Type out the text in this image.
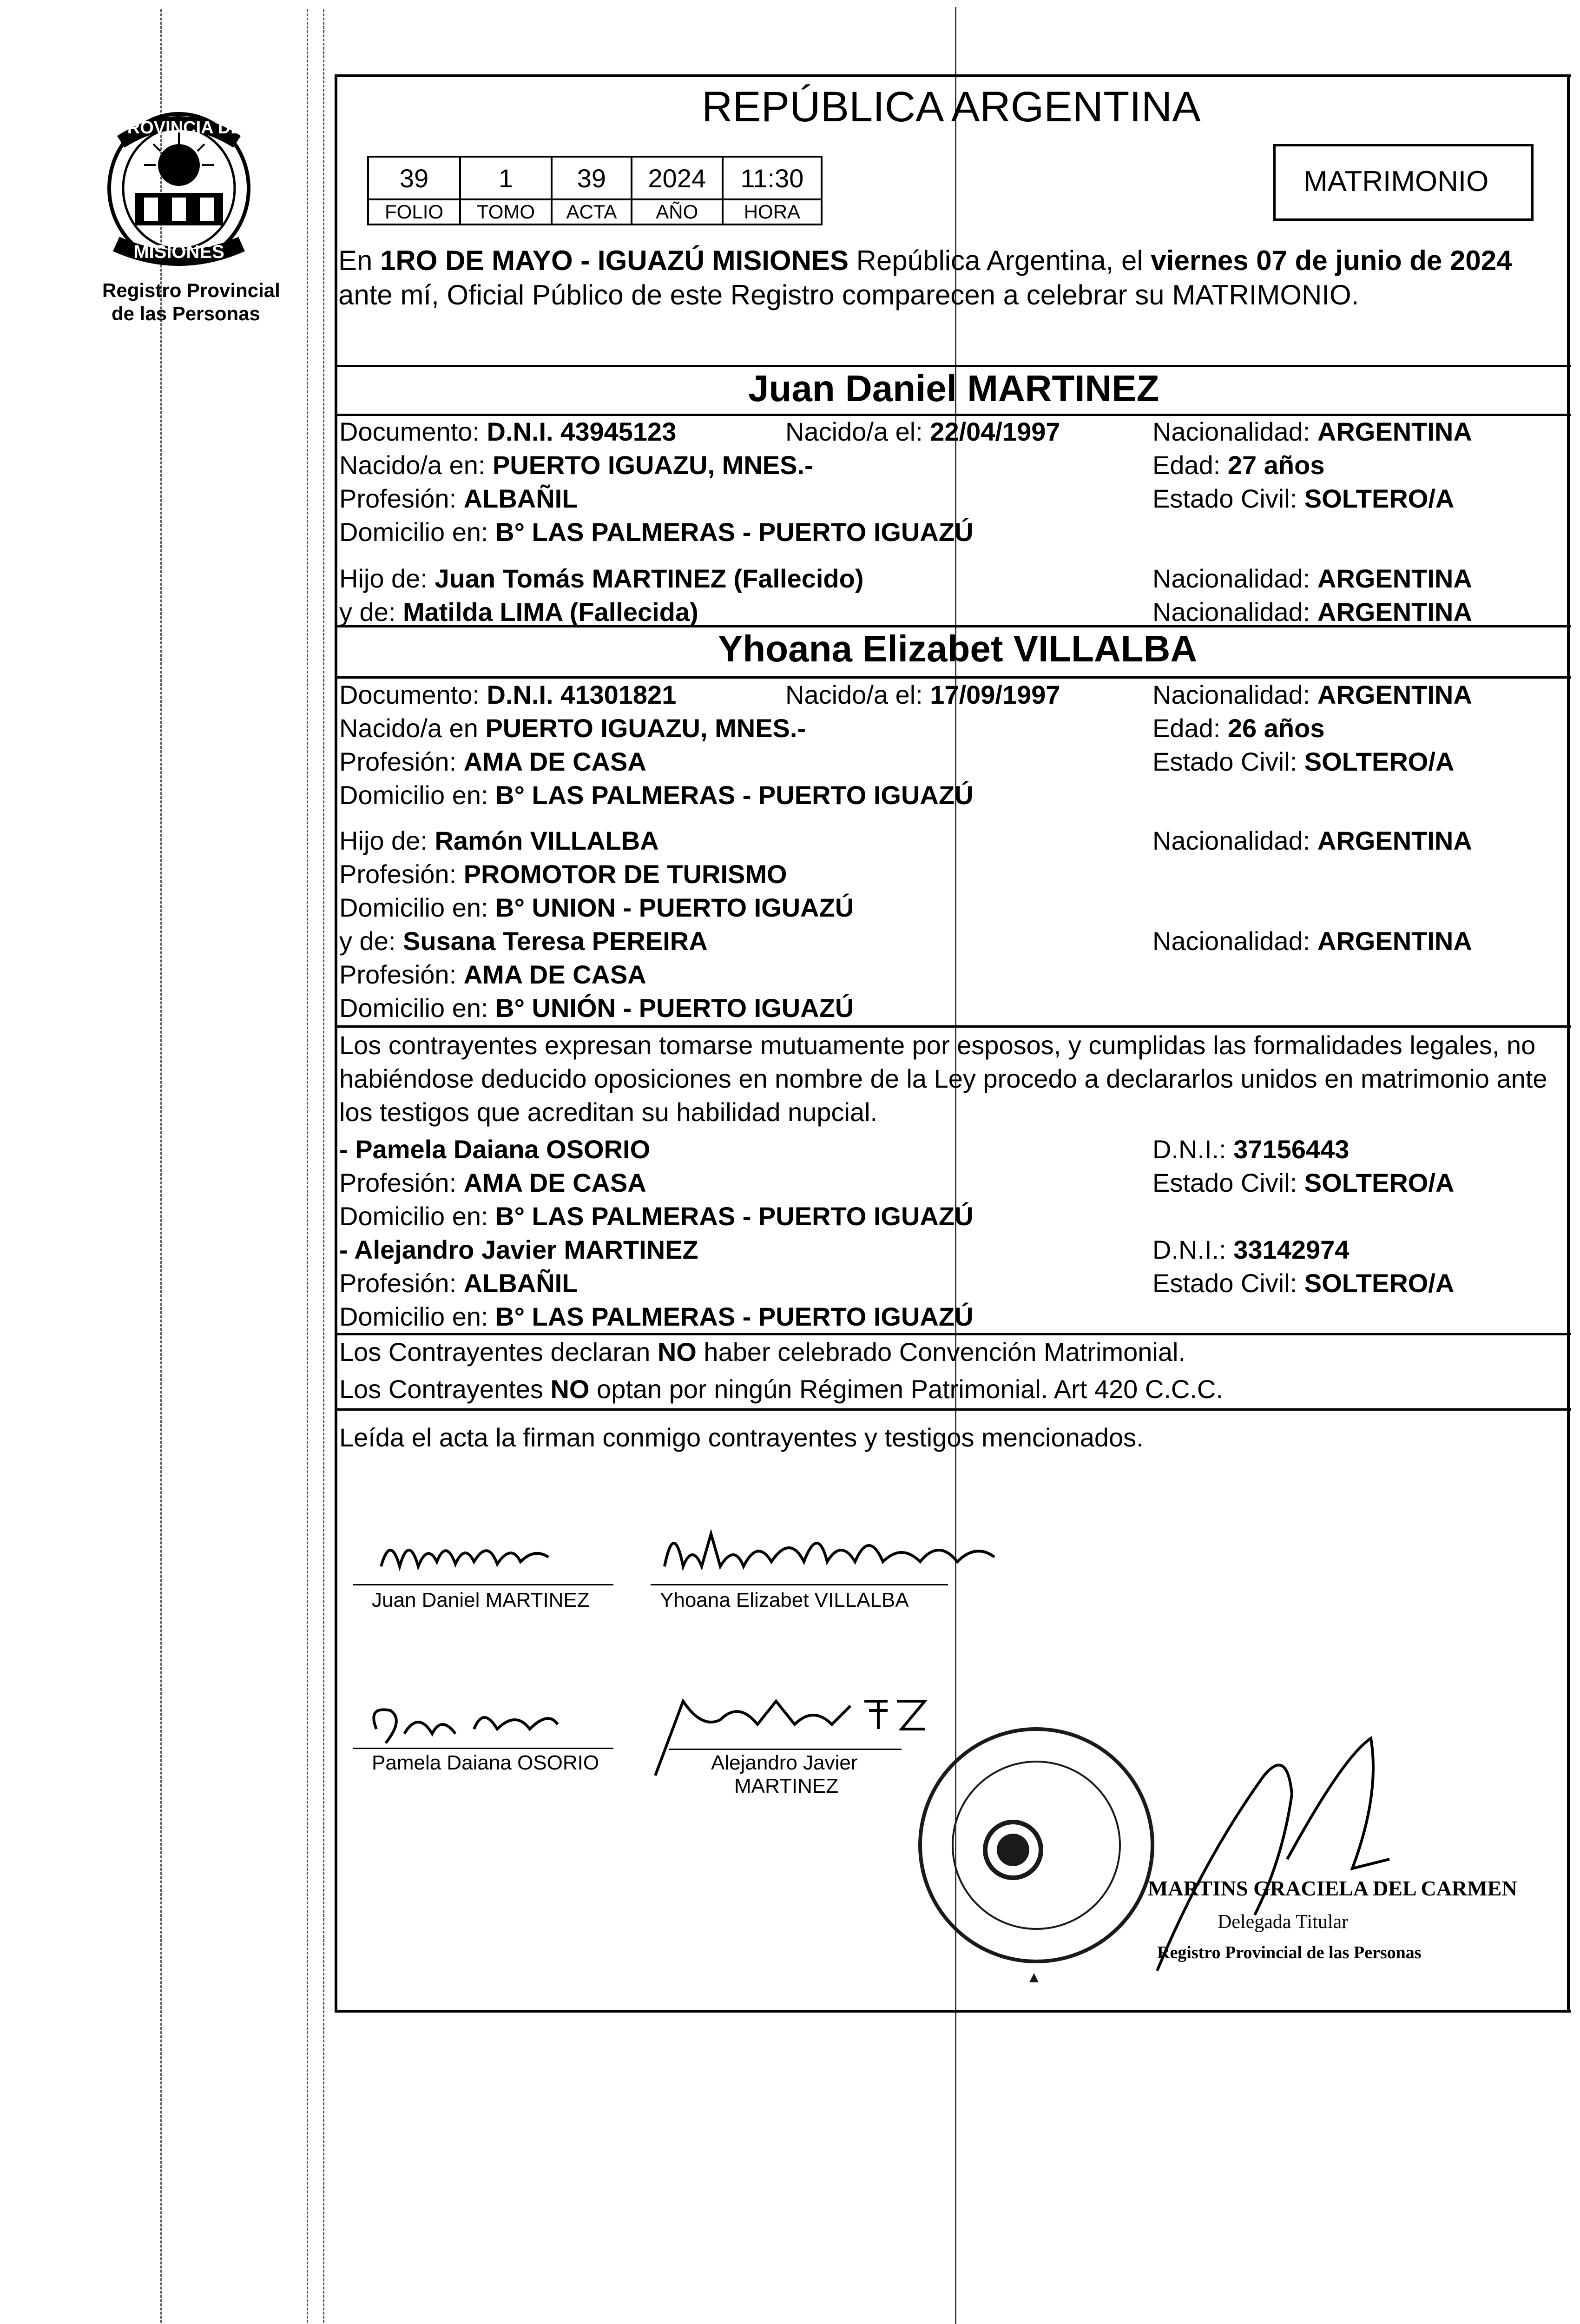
PROVINCIA DE
MISIONES
Registro Provincial
de las Personas
REPÚBLICA ARGENTINA
39	1	39	2024	11:30
FOLIO	TOMO	ACTA	AÑO	HORA
MATRIMONIO
En 1RO DE MAYO - IGUAZÚ MISIONES República Argentina, el viernes 07 de junio de 2024
ante mí, Oficial Público de este Registro comparecen a celebrar su MATRIMONIO.
Juan Daniel MARTINEZ
Documento: D.N.I. 43945123	Nacido/a el: 22/04/1997	Nacionalidad: ARGENTINA
Nacido/a en: PUERTO IGUAZU, MNES.-	Edad: 27 años
Profesión: ALBAÑIL	Estado Civil: SOLTERO/A
Domicilio en: B° LAS PALMERAS - PUERTO IGUAZÚ
Hijo de: Juan Tomás MARTINEZ (Fallecido)	Nacionalidad: ARGENTINA
y de: Matilda LIMA (Fallecida)	Nacionalidad: ARGENTINA
Yhoana Elizabet VILLALBA
Documento: D.N.I. 41301821	Nacido/a el: 17/09/1997	Nacionalidad: ARGENTINA
Nacido/a en PUERTO IGUAZU, MNES.-	Edad: 26 años
Profesión: AMA DE CASA	Estado Civil: SOLTERO/A
Domicilio en: B° LAS PALMERAS - PUERTO IGUAZÚ
Hijo de: Ramón VILLALBA	Nacionalidad: ARGENTINA
Profesión: PROMOTOR DE TURISMO
Domicilio en: B° UNION - PUERTO IGUAZÚ
y de: Susana Teresa PEREIRA	Nacionalidad: ARGENTINA
Profesión: AMA DE CASA
Domicilio en: B° UNIÓN - PUERTO IGUAZÚ
Los contrayentes expresan tomarse mutuamente por esposos, y cumplidas las formalidades legales, no
habiéndose deducido oposiciones en nombre de la Ley procedo a declararlos unidos en matrimonio ante
los testigos que acreditan su habilidad nupcial.
- Pamela Daiana OSORIO	D.N.I.: 37156443
Profesión: AMA DE CASA	Estado Civil: SOLTERO/A
Domicilio en: B° LAS PALMERAS - PUERTO IGUAZÚ
- Alejandro Javier MARTINEZ	D.N.I.: 33142974
Profesión: ALBAÑIL	Estado Civil: SOLTERO/A
Domicilio en: B° LAS PALMERAS - PUERTO IGUAZÚ
Los Contrayentes declaran NO haber celebrado Convención Matrimonial.
Los Contrayentes NO optan por ningún Régimen Patrimonial. Art 420 C.C.C.
Leída el acta la firman conmigo contrayentes y testigos mencionados.
Juan Daniel MARTINEZ	Yhoana Elizabet VILLALBA
Pamela Daiana OSORIO	Alejandro Javier
MARTINEZ
MARTINS GRACIELA DEL CARMEN
Delegada Titular
Registro Provincial de las Personas
